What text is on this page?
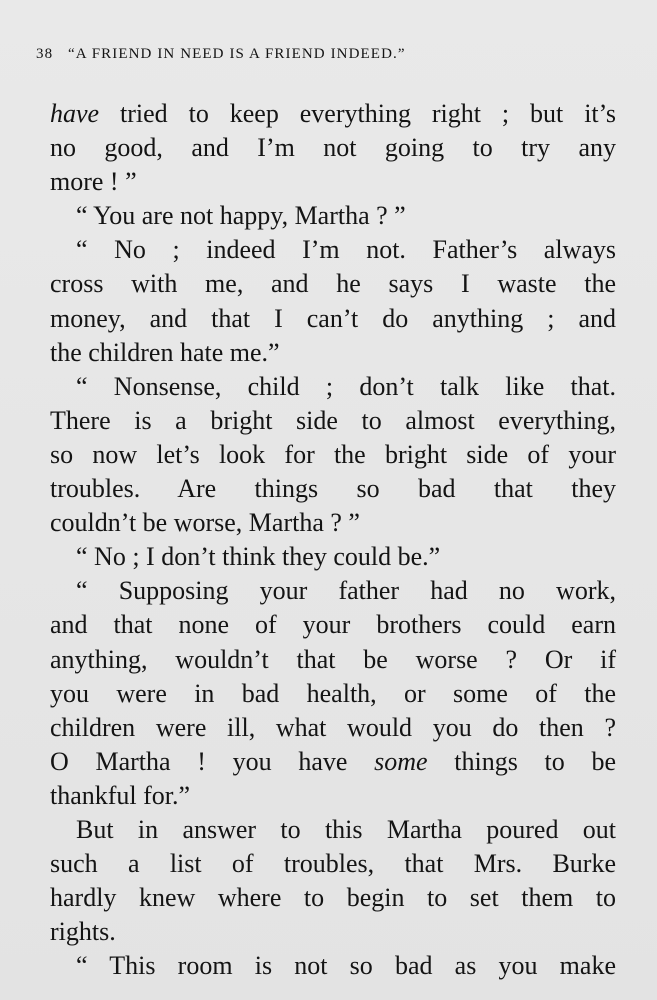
38 “A FRIEND IN NEED IS A FRIEND INDEED.”
have tried to keep everything right ; but it’s
no good, and I’m not going to try any
more ! ”
“ You are not happy, Martha ? ”
“ No ; indeed I’m not. Father’s always
cross with me, and he says I waste the
money, and that I can’t do anything ; and
the children hate me.”
“ Nonsense, child ; don’t talk like that.
There is a bright side to almost everything,
so now let’s look for the bright side of your
troubles. Are things so bad that they
couldn’t be worse, Martha ? ”
“ No ; I don’t think they could be.”
“ Supposing your father had no work,
and that none of your brothers could earn
anything, wouldn’t that be worse ? Or if
you were in bad health, or some of the
children were ill, what would you do then ?
O Martha ! you have some things to be
thankful for.”
But in answer to this Martha poured out
such a list of troubles, that Mrs. Burke
hardly knew where to begin to set them to
rights.
“ This room is not so bad as you make
